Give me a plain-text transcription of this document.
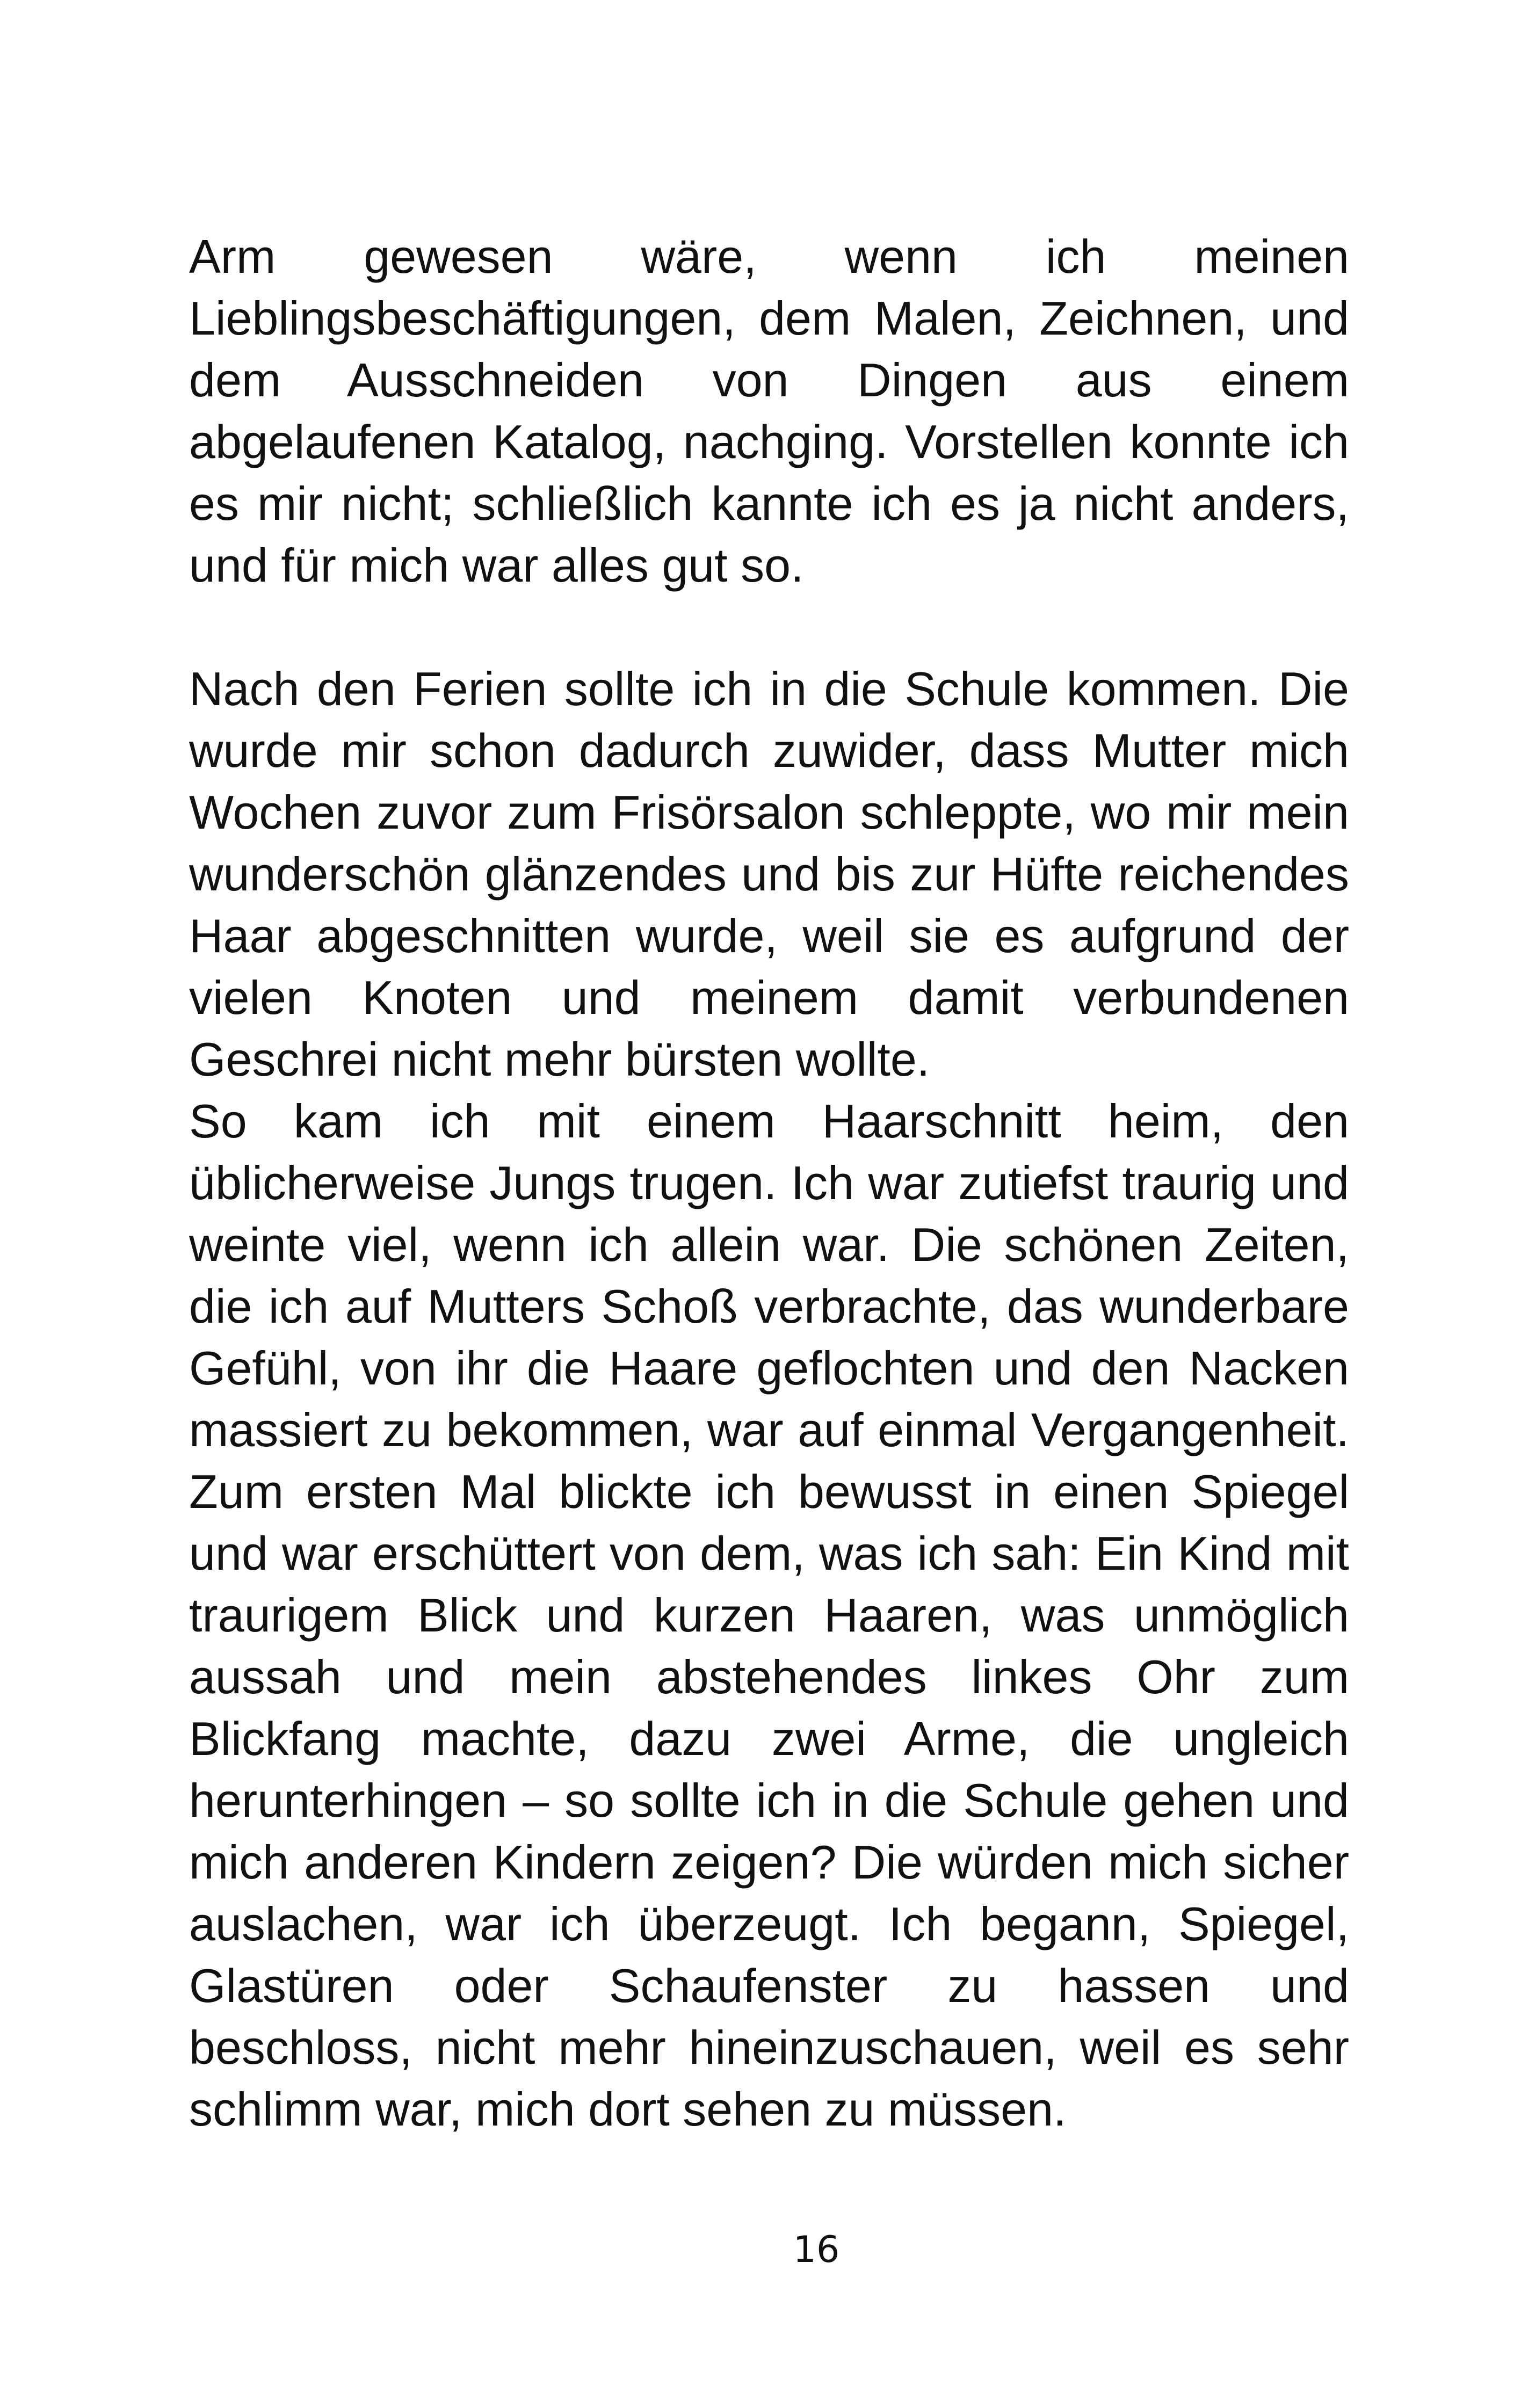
Arm gewesen wäre, wenn ich meinen Lieblingsbeschäftigungen, dem Malen, Zeichnen, und dem Ausschneiden von Dingen aus einem abgelaufenen Katalog, nachging. Vorstellen konnte ich es mir nicht; schließlich kannte ich es ja nicht anders, und für mich war alles gut so.

Nach den Ferien sollte ich in die Schule kommen. Die wurde mir schon dadurch zuwider, dass Mutter mich Wochen zuvor zum Frisörsalon schleppte, wo mir mein wunderschön glänzendes und bis zur Hüfte reichendes Haar abgeschnitten wurde, weil sie es aufgrund der vielen Knoten und meinem damit verbundenen Geschrei nicht mehr bürsten wollte.

So kam ich mit einem Haarschnitt heim, den üblicherweise Jungs trugen. Ich war zutiefst traurig und weinte viel, wenn ich allein war. Die schönen Zeiten, die ich auf Mutters Schoß verbrachte, das wunderbare Gefühl, von ihr die Haare geflochten und den Nacken massiert zu bekommen, war auf einmal Vergangenheit. Zum ersten Mal blickte ich bewusst in einen Spiegel und war erschüttert von dem, was ich sah: Ein Kind mit traurigem Blick und kurzen Haaren, was unmöglich aussah und mein abstehendes linkes Ohr zum Blickfang machte, dazu zwei Arme, die ungleich herunterhingen – so sollte ich in die Schule gehen und mich anderen Kindern zeigen? Die würden mich sicher auslachen, war ich überzeugt. Ich begann, Spiegel, Glastüren oder Schaufenster zu hassen und beschloss, nicht mehr hineinzuschauen, weil es sehr schlimm war, mich dort sehen zu müssen.

16
